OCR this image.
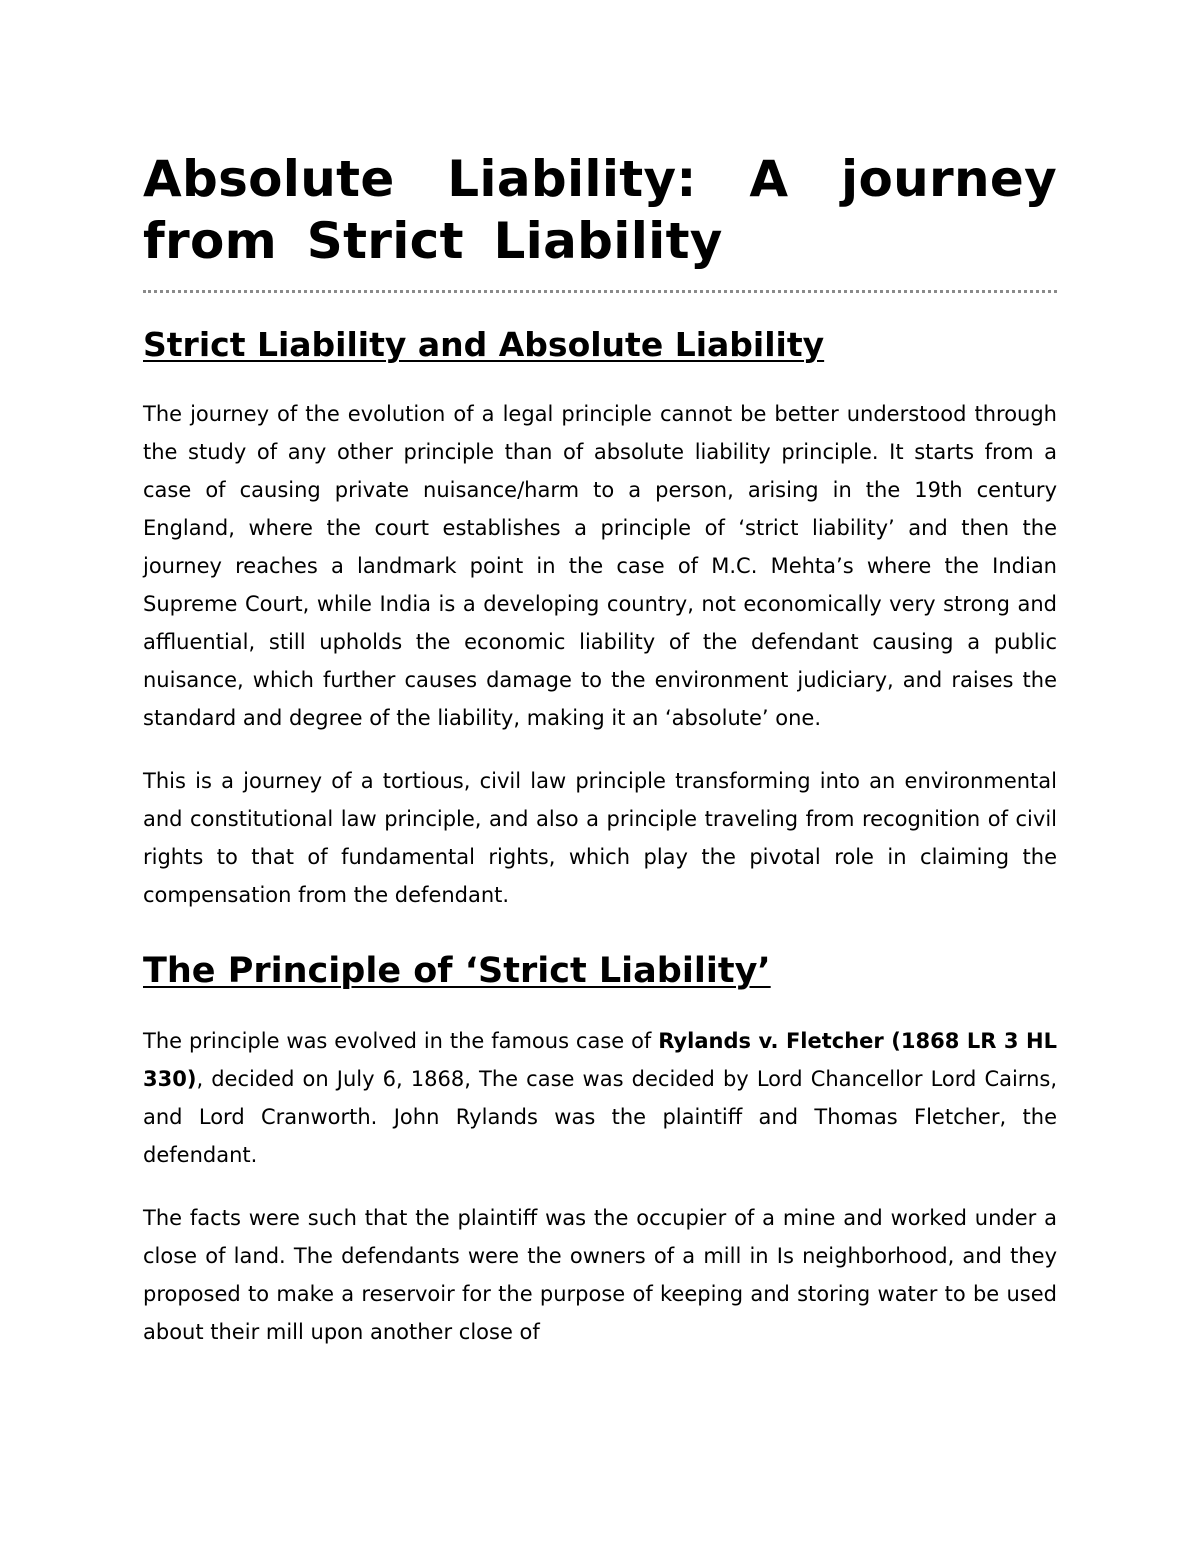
Absolute Liability: A journey from Strict Liability
Strict Liability and Absolute Liability

The journey of the evolution of a legal principle cannot be better understood through the study of any other principle than of absolute liability principle. It starts from a case of causing private nuisance/harm to a person, arising in the 19th century England, where the court establishes a principle of ‘strict liability’ and then the journey reaches a landmark point in the case of M.C. Mehta’s where the Indian Supreme Court, while India is a developing country, not economically very strong and affluential, still upholds the economic liability of the defendant causing a public nuisance, which further causes damage to the environment judiciary, and raises the standard and degree of the liability, making it an ‘absolute’ one.

This is a journey of a tortious, civil law principle transforming into an environmental and constitutional law principle, and also a principle traveling from recognition of civil rights to that of fundamental rights, which play the pivotal role in claiming the compensation from the defendant.

The Principle of ‘Strict Liability’

The principle was evolved in the famous case of Rylands v. Fletcher (1868 LR 3 HL 330), decided on July 6, 1868, The case was decided by Lord Chancellor Lord Cairns, and Lord Cranworth. John Rylands was the plaintiff and Thomas Fletcher, the defendant.

The facts were such that the plaintiff was the occupier of a mine and worked under a close of land. The defendants were the owners of a mill in Is neighborhood, and they proposed to make a reservoir for the purpose of keeping and storing water to be used about their mill upon another close of
